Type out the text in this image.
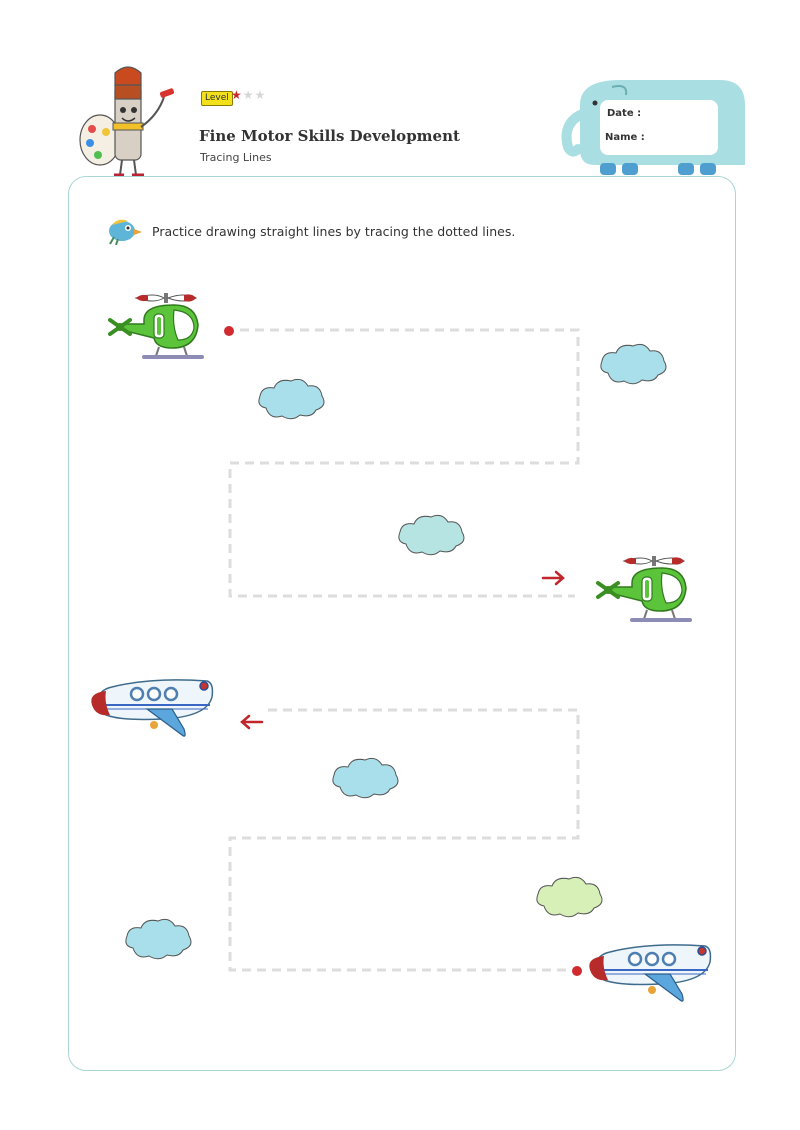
Level ★★★
Fine Motor Skills Development
Tracing Lines
Date :
Name :
Practice drawing straight lines by tracing the dotted lines.
